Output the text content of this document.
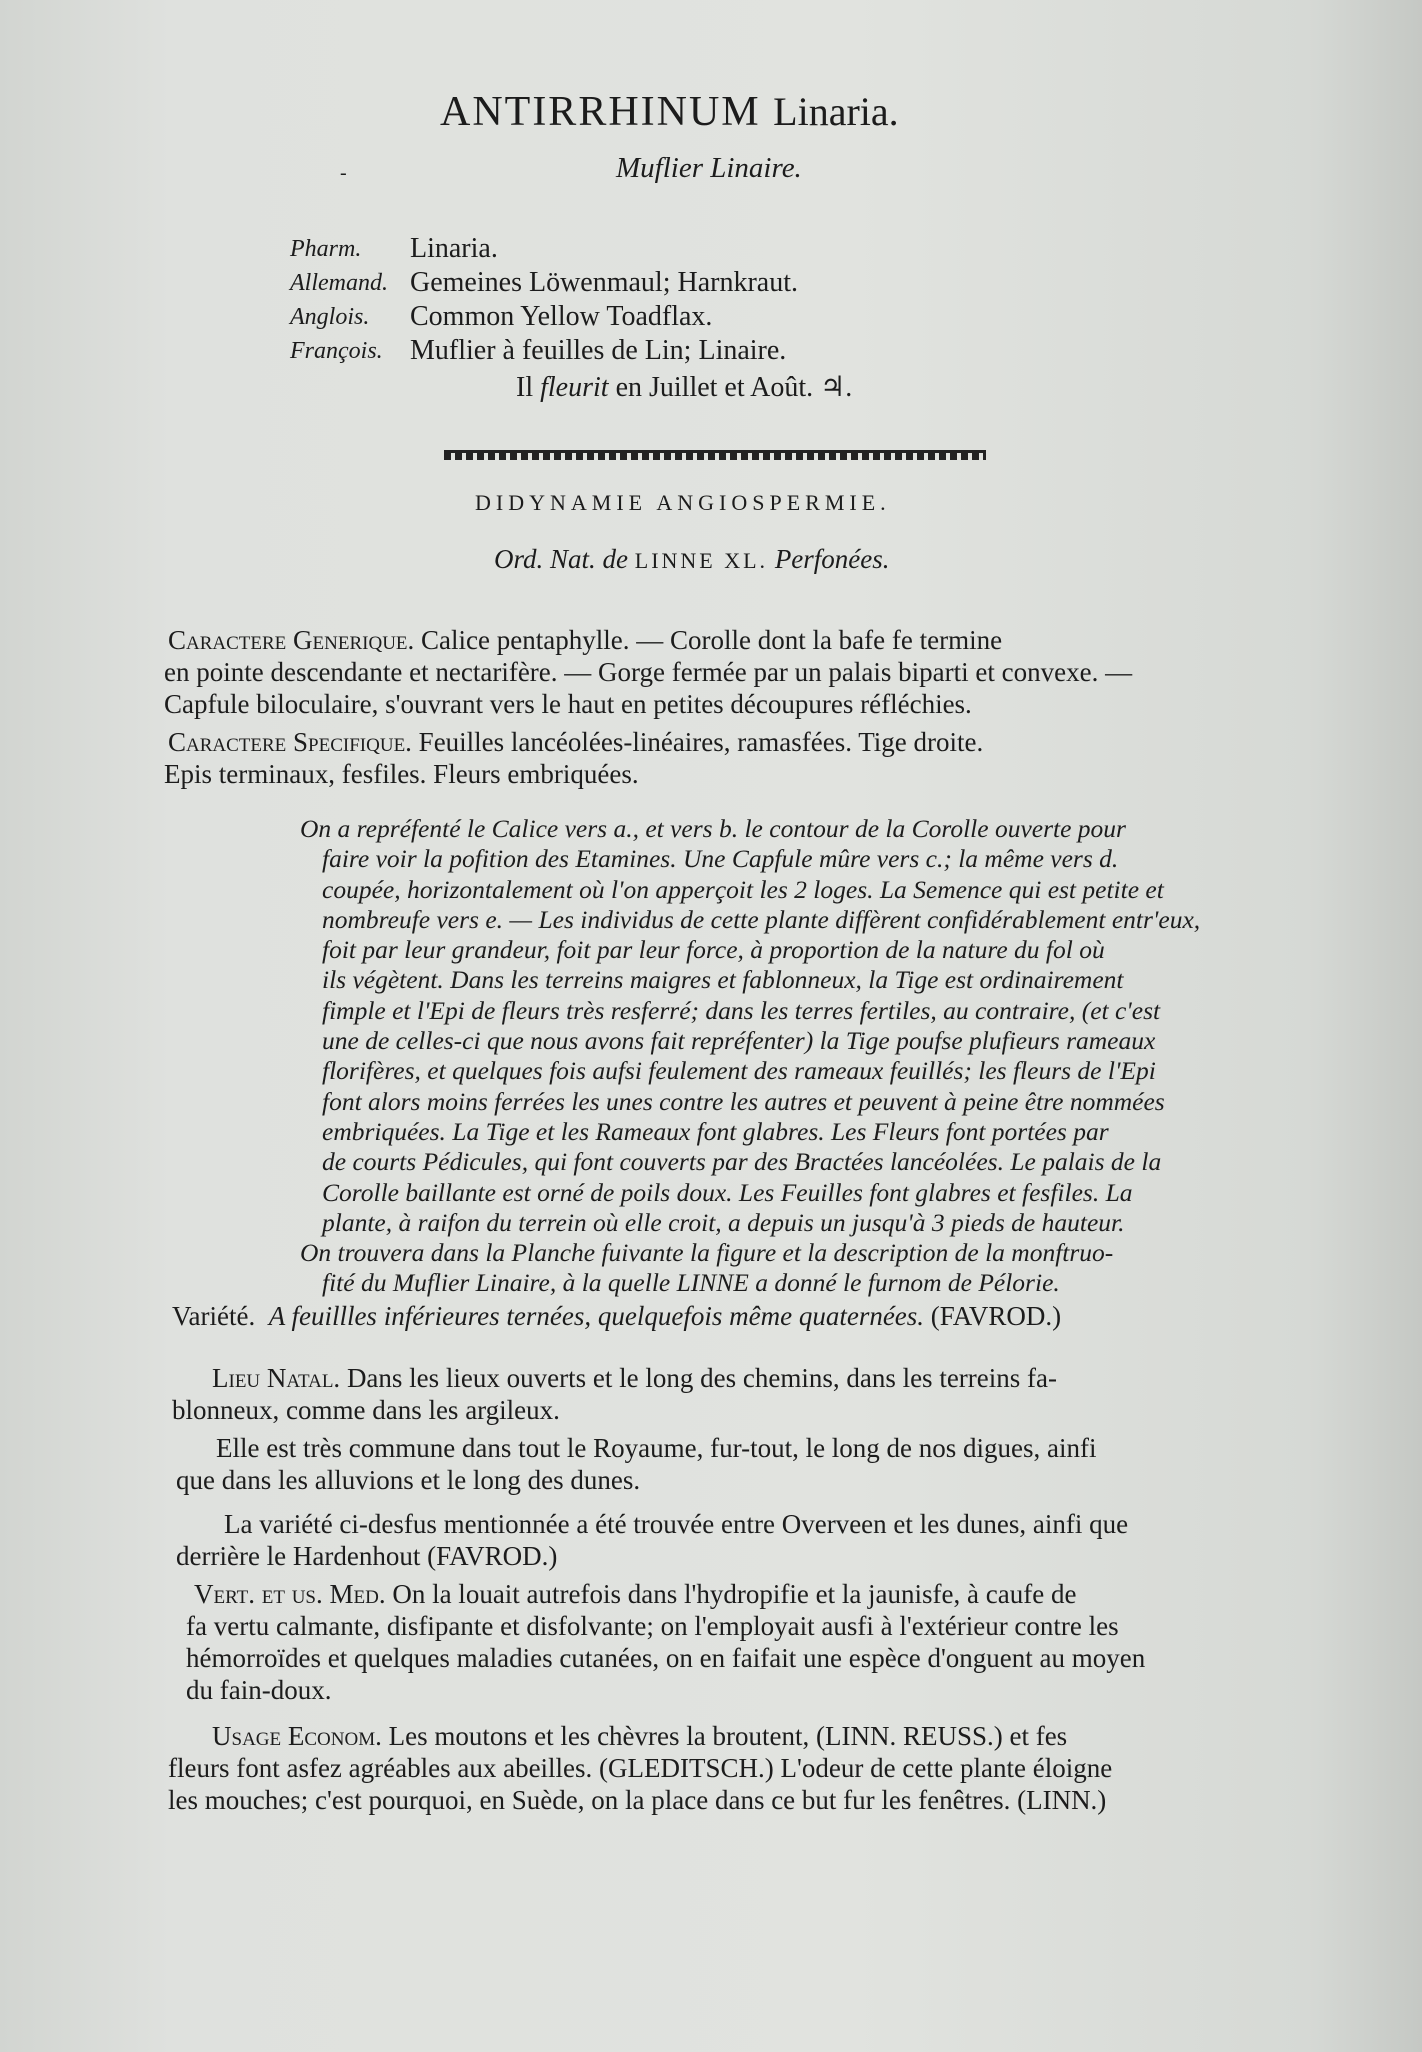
ANTIRRHINUM Linaria.
-	Muflier Linaire.
Pharm.	Linaria.
Allemand. Gemeines Löwenmaul; Harnkraut.
Anglois.	Common Yellow Toadflax.
François. Muflier à feuilles de Lin; Linaire.
Il fleurit en Juillet et Août. ♃.
DIDYNAMIE ANGIOSPERMIE.
Ord. Nat. de LINNE XL. Perfonées.
Caractere Generique. Calice pentaphylle. — Corolle dont la bafe fe termine
en pointe descendante et nectarifère. — Gorge fermée par un palais biparti et convexe. —
Capfule biloculaire, s'ouvrant vers le haut en petites découpures réfléchies.
Caractere Specifique. Feuilles lancéolées-linéaires, ramasfées. Tige droite.
Epis terminaux, fesfiles. Fleurs embriquées.
On a repréfenté le Calice vers a., et vers b. le contour de la Corolle ouverte pour
faire voir la pofition des Etamines. Une Capfule mûre vers c.; la même vers d.
coupée, horizontalement où l'on apperçoit les 2 loges. La Semence qui est petite et
nombreufe vers e. — Les individus de cette plante diffèrent confidérablement entr'eux,
foit par leur grandeur, foit par leur force, à proportion de la nature du fol où
ils végètent. Dans les terreins maigres et fablonneux, la Tige est ordinairement
fimple et l'Epi de fleurs très resferré; dans les terres fertiles, au contraire, (et c'est
une de celles-ci que nous avons fait repréfenter) la Tige poufse plufieurs rameaux
florifères, et quelques fois aufsi feulement des rameaux feuillés; les fleurs de l'Epi
font alors moins ferrées les unes contre les autres et peuvent à peine être nommées
embriquées. La Tige et les Rameaux font glabres. Les Fleurs font portées par
de courts Pédicules, qui font couverts par des Bractées lancéolées. Le palais de la
Corolle baillante est orné de poils doux. Les Feuilles font glabres et fesfiles. La
plante, à raifon du terrein où elle croit, a depuis un jusqu'à 3 pieds de hauteur.
On trouvera dans la Planche fuivante la figure et la description de la monftruo-
fité du Muflier Linaire, à la quelle LINNE a donné le furnom de Pélorie.
Variété. A feuillles inférieures ternées, quelquefois même quaternées. (FAVROD.)
Lieu Natal. Dans les lieux ouverts et le long des chemins, dans les terreins fa-
blonneux, comme dans les argileux.
Elle est très commune dans tout le Royaume, fur-tout, le long de nos digues, ainfi
que dans les alluvions et le long des dunes.
La variété ci-desfus mentionnée a été trouvée entre Overveen et les dunes, ainfi que
derrière le Hardenhout (FAVROD.)
Vert. et us. Med. On la louait autrefois dans l'hydropifie et la jaunisfe, à caufe de
fa vertu calmante, disfipante et disfolvante; on l'employait ausfi à l'extérieur contre les
hémorroïdes et quelques maladies cutanées, on en faifait une espèce d'onguent au moyen
du fain-doux.
Usage Econom. Les moutons et les chèvres la broutent, (LINN. REUSS.) et fes
fleurs font asfez agréables aux abeilles. (GLEDITSCH.) L'odeur de cette plante éloigne
les mouches; c'est pourquoi, en Suède, on la place dans ce but fur les fenêtres. (LINN.)
